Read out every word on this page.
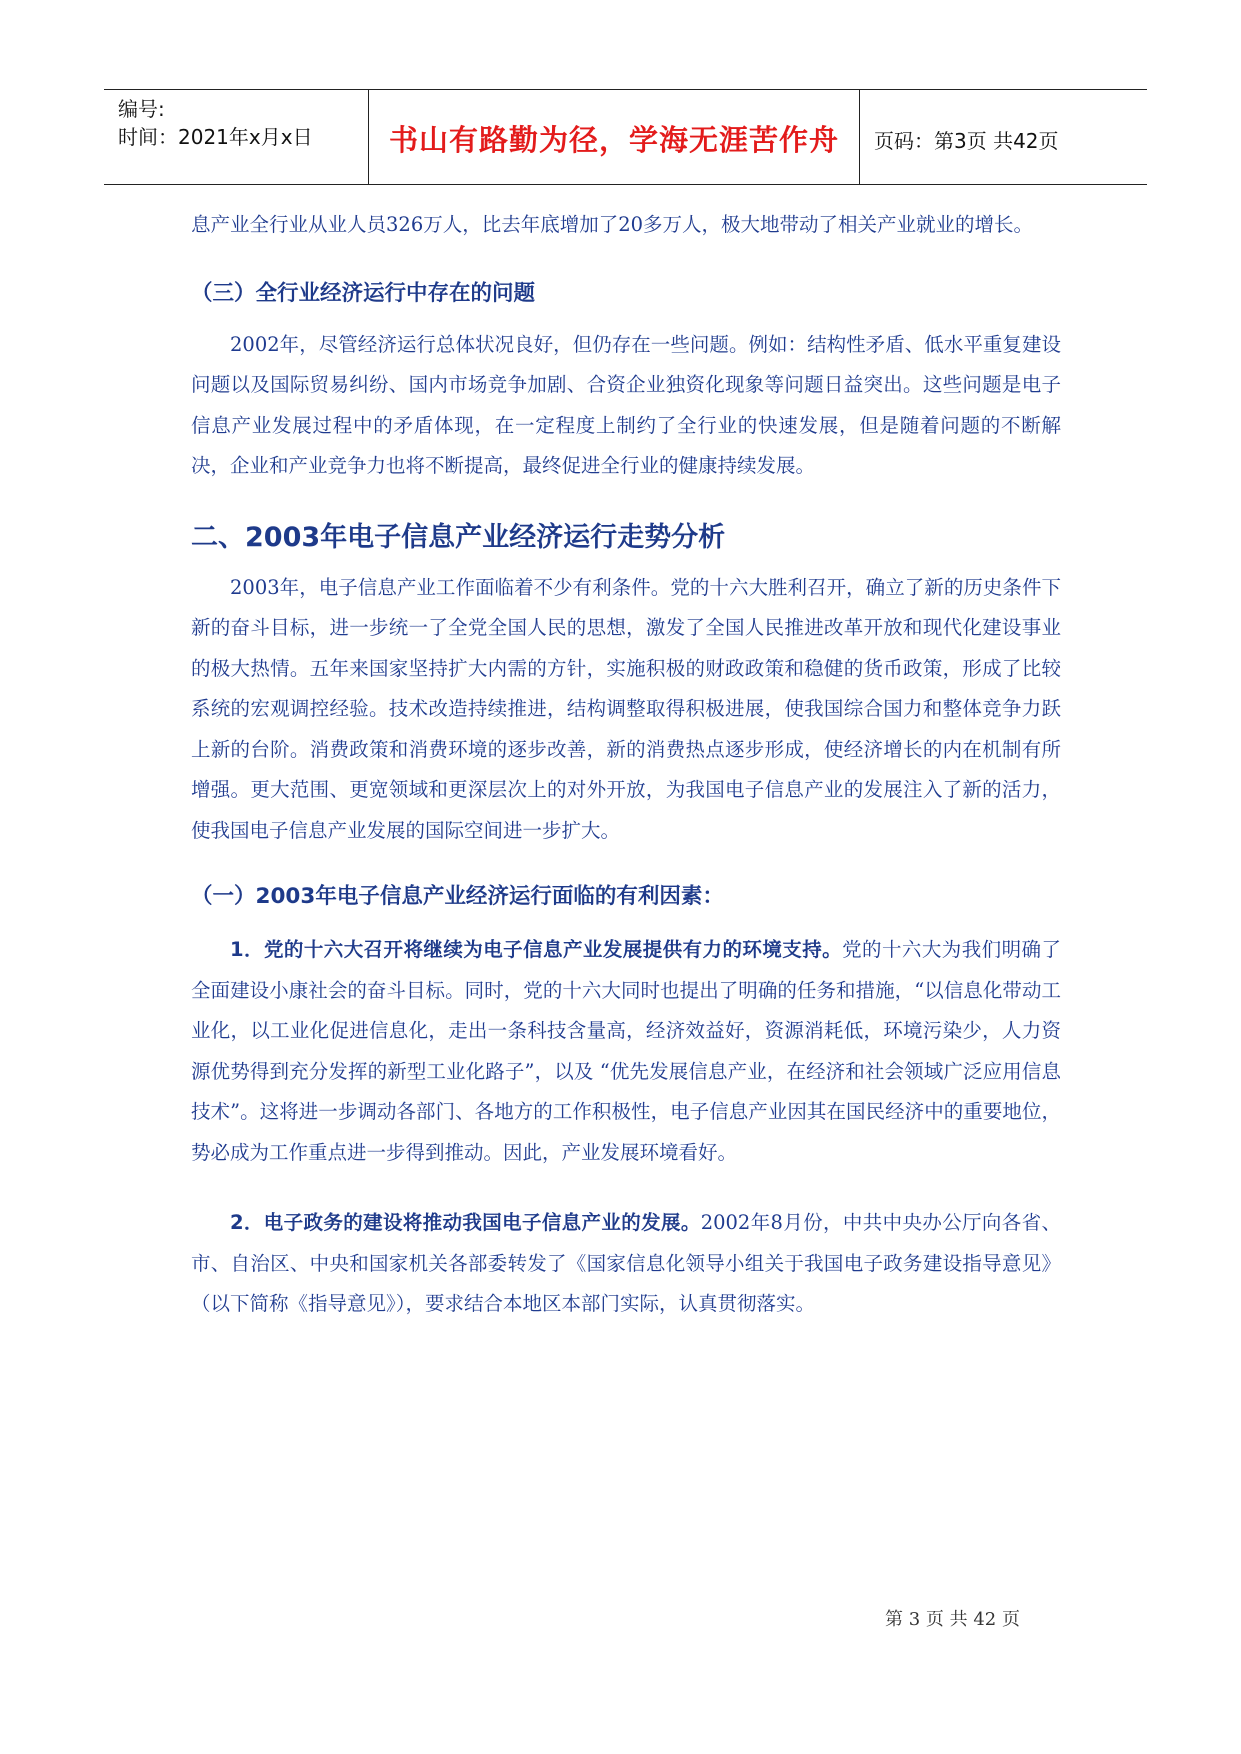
编号:
时间：2021年x月x日	书山有路勤为径，学海无涯苦作舟	页码：第3页 共42页

息产业全行业从业人员326万人，比去年底增加了20多万人，极大地带动了相关产业就业的增长。

（三）全行业经济运行中存在的问题

2002年，尽管经济运行总体状况良好，但仍存在一些问题。例如：结构性矛盾、低水平重复建设问题以及国际贸易纠纷、国内市场竞争加剧、合资企业独资化现象等问题日益突出。这些问题是电子信息产业发展过程中的矛盾体现，在一定程度上制约了全行业的快速发展，但是随着问题的不断解决，企业和产业竞争力也将不断提高，最终促进全行业的健康持续发展。

二、2003年电子信息产业经济运行走势分析

2003年，电子信息产业工作面临着不少有利条件。党的十六大胜利召开，确立了新的历史条件下新的奋斗目标，进一步统一了全党全国人民的思想，激发了全国人民推进改革开放和现代化建设事业的极大热情。五年来国家坚持扩大内需的方针，实施积极的财政政策和稳健的货币政策，形成了比较系统的宏观调控经验。技术改造持续推进，结构调整取得积极进展，使我国综合国力和整体竞争力跃上新的台阶。消费政策和消费环境的逐步改善，新的消费热点逐步形成，使经济增长的内在机制有所增强。更大范围、更宽领域和更深层次上的对外开放，为我国电子信息产业的发展注入了新的活力，使我国电子信息产业发展的国际空间进一步扩大。

（一）2003年电子信息产业经济运行面临的有利因素：

1．党的十六大召开将继续为电子信息产业发展提供有力的环境支持。党的十六大为我们明确了全面建设小康社会的奋斗目标。同时，党的十六大同时也提出了明确的任务和措施，“以信息化带动工业化，以工业化促进信息化，走出一条科技含量高，经济效益好，资源消耗低，环境污染少，人力资源优势得到充分发挥的新型工业化路子”，以及 “优先发展信息产业，在经济和社会领域广泛应用信息技术”。这将进一步调动各部门、各地方的工作积极性，电子信息产业因其在国民经济中的重要地位，势必成为工作重点进一步得到推动。因此，产业发展环境看好。

2．电子政务的建设将推动我国电子信息产业的发展。2002年8月份，中共中央办公厅向各省、市、自治区、中央和国家机关各部委转发了《国家信息化领导小组关于我国电子政务建设指导意见》（以下简称《指导意见》），要求结合本地区本部门实际，认真贯彻落实。

第 3 页 共 42 页
